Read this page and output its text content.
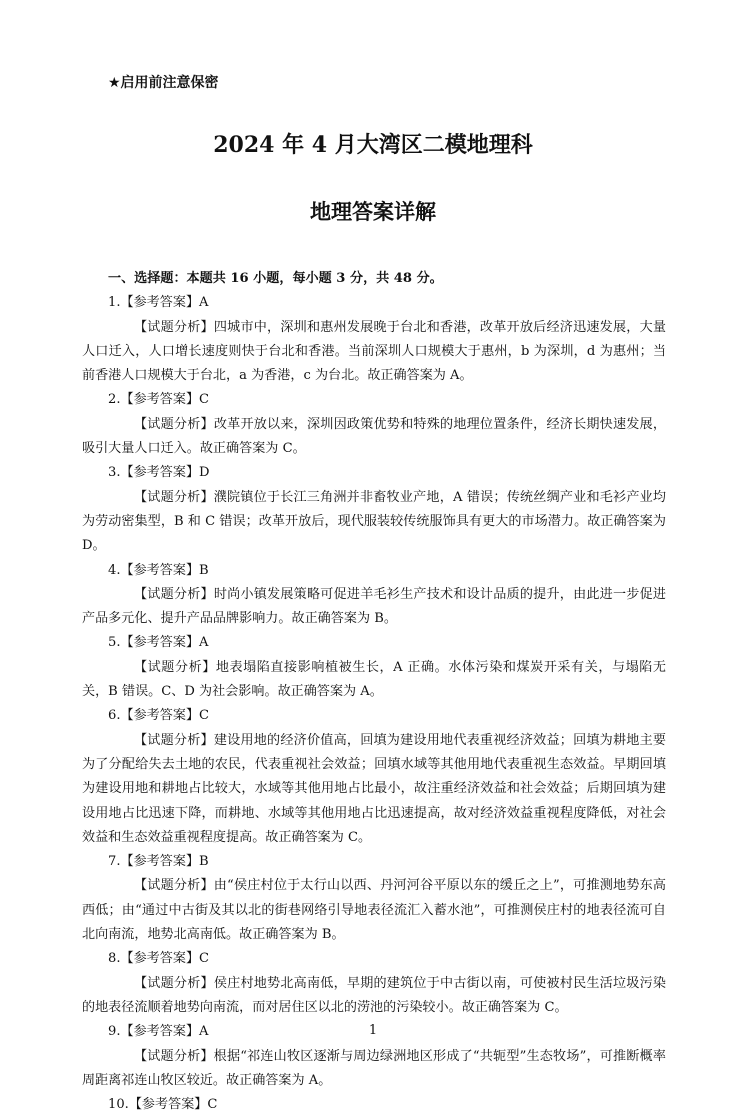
★启用前注意保密
2024 年 4 月大湾区二模地理科
地理答案详解
一、选择题：本题共 16 小题，每小题 3 分，共 48 分。
1.【参考答案】A
【试题分析】四城市中，深圳和惠州发展晚于台北和香港，改革开放后经济迅速发展，大量人口迁入，人口增长速度则快于台北和香港。当前深圳人口规模大于惠州，b 为深圳，d 为惠州；当前香港人口规模大于台北，a 为香港，c 为台北。故正确答案为 A。
2.【参考答案】C
【试题分析】改革开放以来，深圳因政策优势和特殊的地理位置条件，经济长期快速发展，吸引大量人口迁入。故正确答案为 C。
3.【参考答案】D
【试题分析】濮院镇位于长江三角洲并非畜牧业产地，A 错误；传统丝绸产业和毛衫产业均为劳动密集型，B 和 C 错误；改革开放后，现代服装较传统服饰具有更大的市场潜力。故正确答案为 D。
4.【参考答案】B
【试题分析】时尚小镇发展策略可促进羊毛衫生产技术和设计品质的提升，由此进一步促进产品多元化、提升产品品牌影响力。故正确答案为 B。
5.【参考答案】A
【试题分析】地表塌陷直接影响植被生长，A 正确。水体污染和煤炭开采有关，与塌陷无关，B 错误。C、D 为社会影响。故正确答案为 A。
6.【参考答案】C
【试题分析】建设用地的经济价值高，回填为建设用地代表重视经济效益；回填为耕地主要为了分配给失去土地的农民，代表重视社会效益；回填水域等其他用地代表重视生态效益。早期回填为建设用地和耕地占比较大，水域等其他用地占比最小，故注重经济效益和社会效益；后期回填为建设用地占比迅速下降，而耕地、水域等其他用地占比迅速提高，故对经济效益重视程度降低，对社会效益和生态效益重视程度提高。故正确答案为 C。
7.【参考答案】B
【试题分析】由“侯庄村位于太行山以西、丹河河谷平原以东的缓丘之上”，可推测地势东高西低；由“通过中古街及其以北的街巷网络引导地表径流汇入蓄水池”，可推测侯庄村的地表径流可自北向南流，地势北高南低。故正确答案为 B。
8.【参考答案】C
【试题分析】侯庄村地势北高南低，早期的建筑位于中古街以南，可使被村民生活垃圾污染的地表径流顺着地势向南流，而对居住区以北的涝池的污染较小。故正确答案为 C。
9.【参考答案】A
【试题分析】根据“祁连山牧区逐渐与周边绿洲地区形成了“共轭型”生态牧场”，可推断概率周距离祁连山牧区较近。故正确答案为 A。
10.【参考答案】C
1
